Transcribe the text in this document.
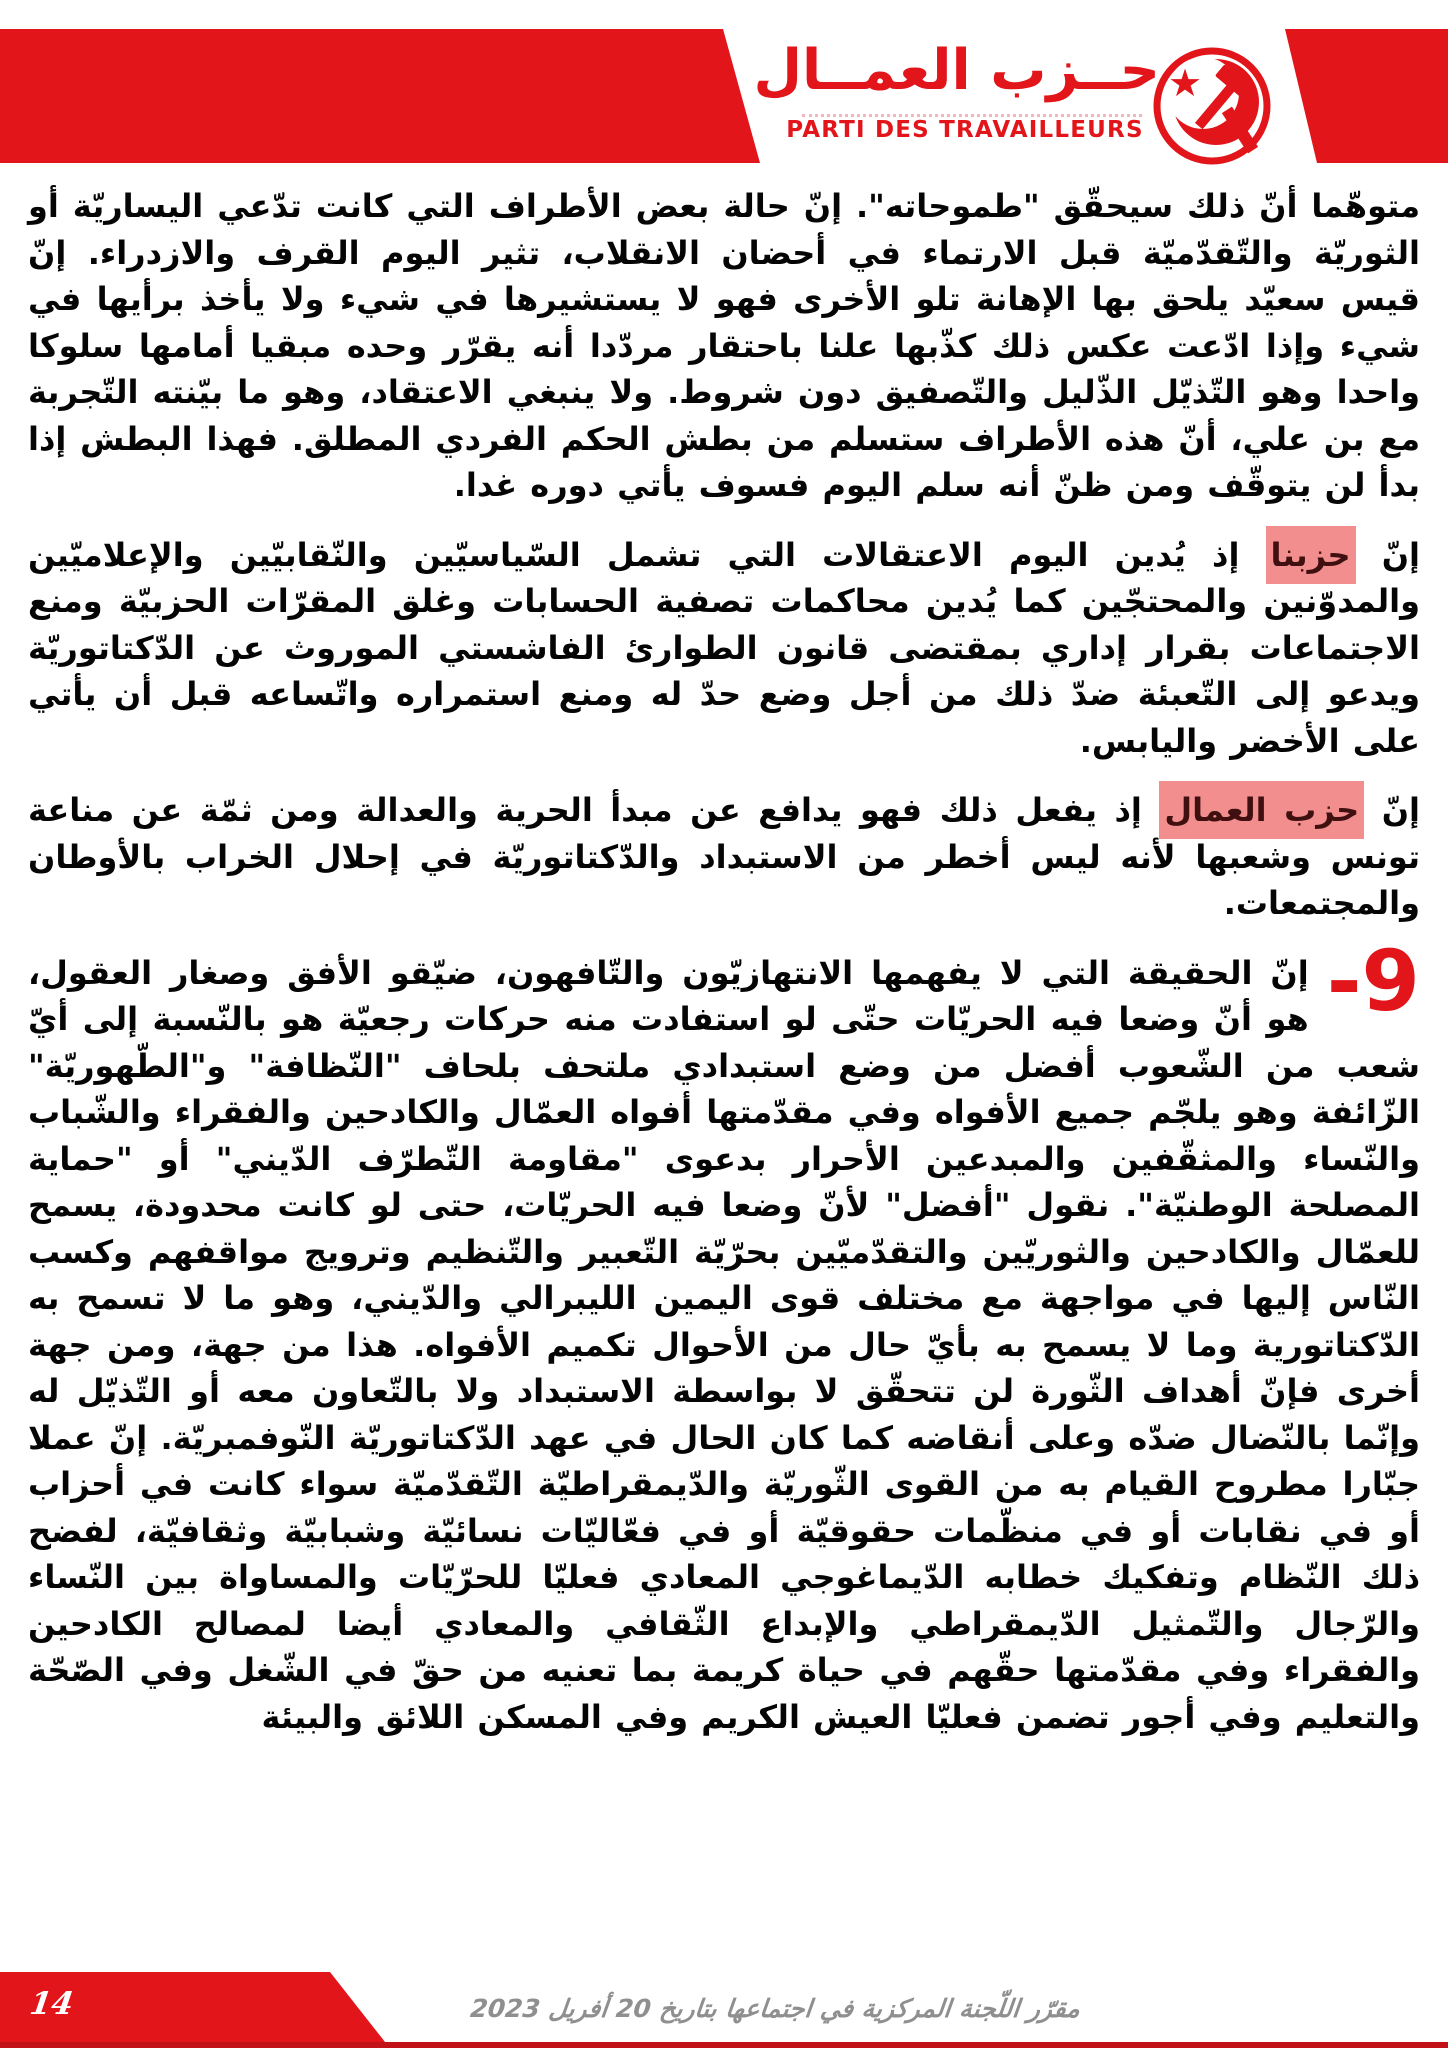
حــزب العمــال
PARTI DES TRAVAILLEURS
★

متوهّما أنّ ذلك سيحقّق "طموحاته". إنّ حالة بعض الأطراف التي كانت تدّعي اليساريّة أو الثوريّة والتّقدّميّة قبل الارتماء في أحضان الانقلاب، تثير اليوم القرف والازدراء. إنّ قيس سعيّد يلحق بها الإهانة تلو الأخرى فهو لا يستشيرها في شيء ولا يأخذ برأيها في شيء وإذا ادّعت عكس ذلك كذّبها علنا باحتقار مردّدا أنه يقرّر وحده مبقيا أمامها سلوكا واحدا وهو التّذيّل الذّليل والتّصفيق دون شروط. ولا ينبغي الاعتقاد، وهو ما بيّنته التّجربة مع بن علي، أنّ هذه الأطراف ستسلم من بطش الحكم الفردي المطلق. فهذا البطش إذا بدأ لن يتوقّف ومن ظنّ أنه سلم اليوم فسوف يأتي دوره غدا.

إنّ حزبنا إذ يُدين اليوم الاعتقالات التي تشمل السّياسيّين والنّقابيّين والإعلاميّين والمدوّنين والمحتجّين كما يُدين محاكمات تصفية الحسابات وغلق المقرّات الحزبيّة ومنع الاجتماعات بقرار إداري بمقتضى قانون الطوارئ الفاشستي الموروث عن الدّكتاتوريّة ويدعو إلى التّعبئة ضدّ ذلك من أجل وضع حدّ له ومنع استمراره واتّساعه قبل أن يأتي على الأخضر واليابس.

إنّ حزب العمال إذ يفعل ذلك فهو يدافع عن مبدأ الحرية والعدالة ومن ثمّة عن مناعة تونس وشعبها لأنه ليس أخطر من الاستبداد والدّكتاتوريّة في إحلال الخراب بالأوطان والمجتمعات.

-9
إنّ الحقيقة التي لا يفهمها الانتهازيّون والتّافهون، ضيّقو الأفق وصغار العقول، هو أنّ وضعا فيه الحريّات حتّى لو استفادت منه حركات رجعيّة هو بالنّسبة إلى أيّ شعب من الشّعوب أفضل من وضع استبدادي ملتحف بلحاف "النّظافة" و"الطّهوريّة" الزّائفة وهو يلجّم جميع الأفواه وفي مقدّمتها أفواه العمّال والكادحين والفقراء والشّباب والنّساء والمثقّفين والمبدعين الأحرار بدعوى "مقاومة التّطرّف الدّيني" أو "حماية المصلحة الوطنيّة". نقول "أفضل" لأنّ وضعا فيه الحريّات، حتى لو كانت محدودة، يسمح للعمّال والكادحين والثوريّين والتقدّميّين بحرّيّة التّعبير والتّنظيم وترويج مواقفهم وكسب النّاس إليها في مواجهة مع مختلف قوى اليمين الليبرالي والدّيني، وهو ما لا تسمح به الدّكتاتورية وما لا يسمح به بأيّ حال من الأحوال تكميم الأفواه. هذا من جهة، ومن جهة أخرى فإنّ أهداف الثّورة لن تتحقّق لا بواسطة الاستبداد ولا بالتّعاون معه أو التّذيّل له وإنّما بالنّضال ضدّه وعلى أنقاضه كما كان الحال في عهد الدّكتاتوريّة النّوفمبريّة. إنّ عملا جبّارا مطروح القيام به من القوى الثّوريّة والدّيمقراطيّة التّقدّميّة سواء كانت في أحزاب أو في نقابات أو في منظّمات حقوقيّة أو في فعّاليّات نسائيّة وشبابيّة وثقافيّة، لفضح ذلك النّظام وتفكيك خطابه الدّيماغوجي المعادي فعليّا للحرّيّات والمساواة بين النّساء والرّجال والتّمثيل الدّيمقراطي والإبداع الثّقافي والمعادي أيضا لمصالح الكادحين والفقراء وفي مقدّمتها حقّهم في حياة كريمة بما تعنيه من حقّ في الشّغل وفي الصّحّة والتعليم وفي أجور تضمن فعليّا العيش الكريم وفي المسكن اللائق والبيئة

14	مقرّر اللّجنة المركزية في اجتماعها بتاريخ 20 أفريل 2023
